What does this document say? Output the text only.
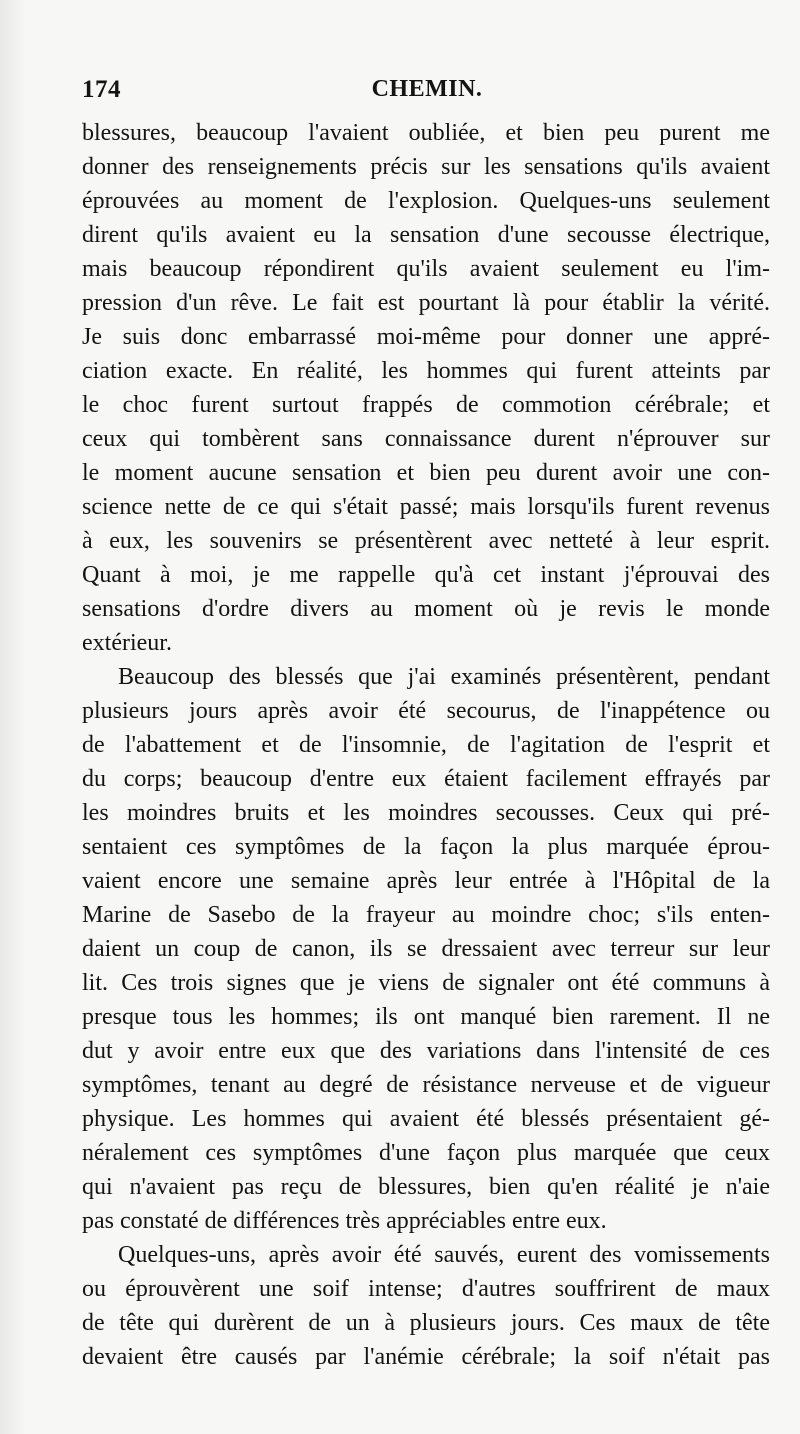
174	CHEMIN.
blessures, beaucoup l'avaient oubliée, et bien peu purent me
donner des renseignements précis sur les sensations qu'ils avaient
éprouvées au moment de l'explosion. Quelques-uns seulement
dirent qu'ils avaient eu la sensation d'une secousse électrique,
mais beaucoup répondirent qu'ils avaient seulement eu l'im-
pression d'un rêve. Le fait est pourtant là pour établir la vérité.
Je suis donc embarrassé moi-même pour donner une appré-
ciation exacte. En réalité, les hommes qui furent atteints par
le choc furent surtout frappés de commotion cérébrale; et
ceux qui tombèrent sans connaissance durent n'éprouver sur
le moment aucune sensation et bien peu durent avoir une con-
science nette de ce qui s'était passé; mais lorsqu'ils furent revenus
à eux, les souvenirs se présentèrent avec netteté à leur esprit.
Quant à moi, je me rappelle qu'à cet instant j'éprouvai des
sensations d'ordre divers au moment où je revis le monde
extérieur.
Beaucoup des blessés que j'ai examinés présentèrent, pendant
plusieurs jours après avoir été secourus, de l'inappétence ou
de l'abattement et de l'insomnie, de l'agitation de l'esprit et
du corps; beaucoup d'entre eux étaient facilement effrayés par
les moindres bruits et les moindres secousses. Ceux qui pré-
sentaient ces symptômes de la façon la plus marquée éprou-
vaient encore une semaine après leur entrée à l'Hôpital de la
Marine de Sasebo de la frayeur au moindre choc; s'ils enten-
daient un coup de canon, ils se dressaient avec terreur sur leur
lit. Ces trois signes que je viens de signaler ont été communs à
presque tous les hommes; ils ont manqué bien rarement. Il ne
dut y avoir entre eux que des variations dans l'intensité de ces
symptômes, tenant au degré de résistance nerveuse et de vigueur
physique. Les hommes qui avaient été blessés présentaient gé-
néralement ces symptômes d'une façon plus marquée que ceux
qui n'avaient pas reçu de blessures, bien qu'en réalité je n'aie
pas constaté de différences très appréciables entre eux.
Quelques-uns, après avoir été sauvés, eurent des vomissements
ou éprouvèrent une soif intense; d'autres souffrirent de maux
de tête qui durèrent de un à plusieurs jours. Ces maux de tête
devaient être causés par l'anémie cérébrale; la soif n'était pas
